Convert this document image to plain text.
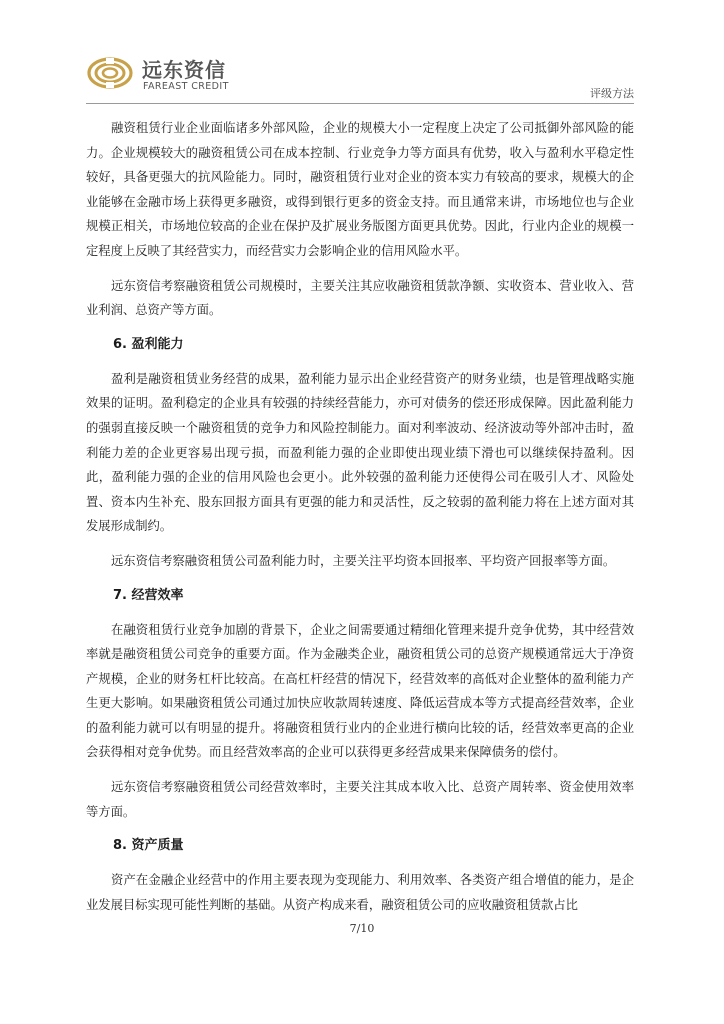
远东资信
FAREAST CREDIT
评级方法

融资租赁行业企业面临诸多外部风险，企业的规模大小一定程度上决定了公司抵御外部风险的能力。企业规模较大的融资租赁公司在成本控制、行业竞争力等方面具有优势，收入与盈利水平稳定性较好，具备更强大的抗风险能力。同时，融资租赁行业对企业的资本实力有较高的要求，规模大的企业能够在金融市场上获得更多融资，或得到银行更多的资金支持。而且通常来讲，市场地位也与企业规模正相关，市场地位较高的企业在保护及扩展业务版图方面更具优势。因此，行业内企业的规模一定程度上反映了其经营实力，而经营实力会影响企业的信用风险水平。

远东资信考察融资租赁公司规模时，主要关注其应收融资租赁款净额、实收资本、营业收入、营业利润、总资产等方面。

6. 盈利能力

盈利是融资租赁业务经营的成果，盈利能力显示出企业经营资产的财务业绩，也是管理战略实施效果的证明。盈利稳定的企业具有较强的持续经营能力，亦可对债务的偿还形成保障。因此盈利能力的强弱直接反映一个融资租赁的竞争力和风险控制能力。面对利率波动、经济波动等外部冲击时，盈利能力差的企业更容易出现亏损，而盈利能力强的企业即使出现业绩下滑也可以继续保持盈利。因此，盈利能力强的企业的信用风险也会更小。此外较强的盈利能力还使得公司在吸引人才、风险处置、资本内生补充、股东回报方面具有更强的能力和灵活性，反之较弱的盈利能力将在上述方面对其发展形成制约。

远东资信考察融资租赁公司盈利能力时，主要关注平均资本回报率、平均资产回报率等方面。

7. 经营效率

在融资租赁行业竞争加剧的背景下，企业之间需要通过精细化管理来提升竞争优势，其中经营效率就是融资租赁公司竞争的重要方面。作为金融类企业，融资租赁公司的总资产规模通常远大于净资产规模，企业的财务杠杆比较高。在高杠杆经营的情况下，经营效率的高低对企业整体的盈利能力产生更大影响。如果融资租赁公司通过加快应收款周转速度、降低运营成本等方式提高经营效率，企业的盈利能力就可以有明显的提升。将融资租赁行业内的企业进行横向比较的话，经营效率更高的企业会获得相对竞争优势。而且经营效率高的企业可以获得更多经营成果来保障债务的偿付。

远东资信考察融资租赁公司经营效率时，主要关注其成本收入比、总资产周转率、资金使用效率等方面。

8. 资产质量

资产在金融企业经营中的作用主要表现为变现能力、利用效率、各类资产组合增值的能力，是企业发展目标实现可能性判断的基础。从资产构成来看，融资租赁公司的应收融资租赁款占比

7/10
